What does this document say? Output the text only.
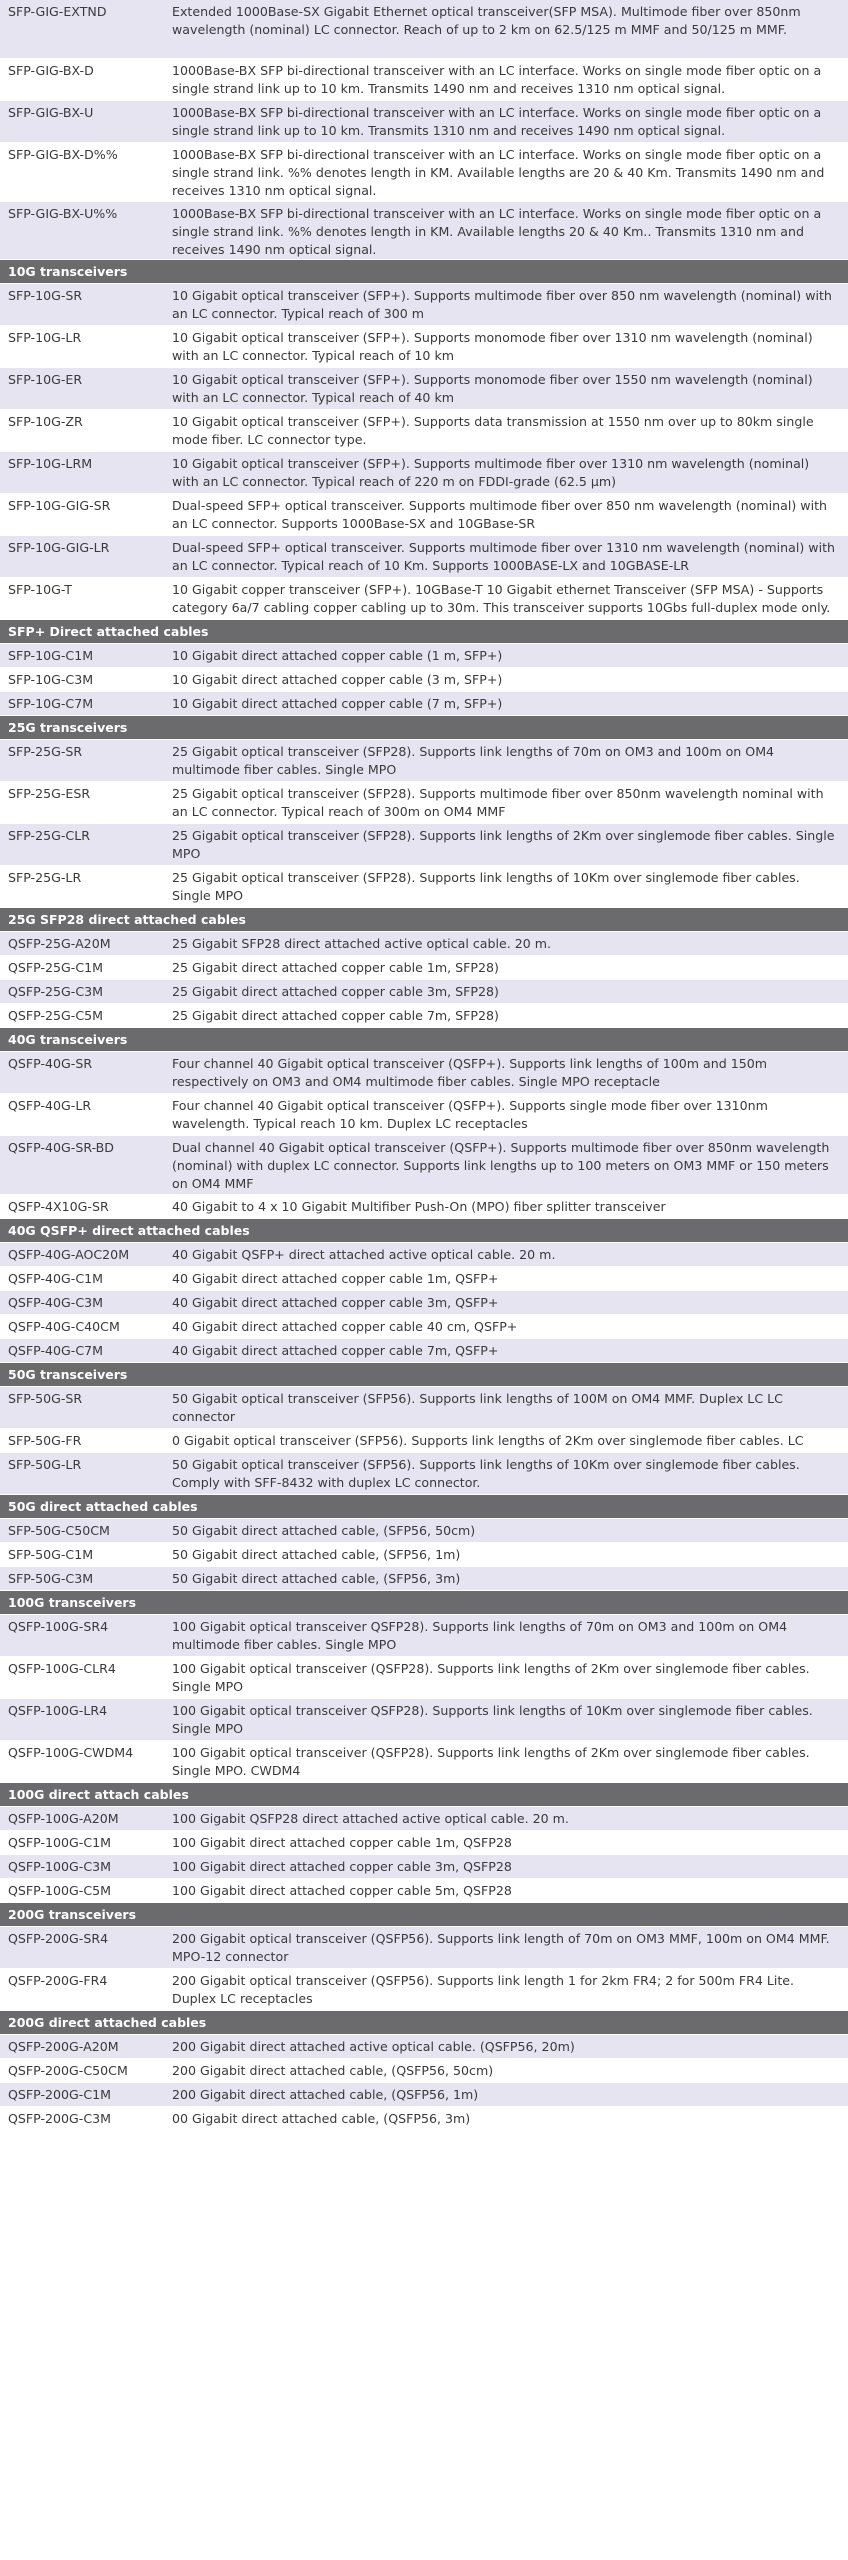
SFP-GIG-EXTND	Extended 1000Base-SX Gigabit Ethernet optical transceiver(SFP MSA). Multimode fiber over 850nm wavelength (nominal) LC connector. Reach of up to 2 km on 62.5/125 m MMF and 50/125 m MMF.
SFP-GIG-BX-D	1000Base-BX SFP bi-directional transceiver with an LC interface. Works on single mode fiber optic on a single strand link up to 10 km. Transmits 1490 nm and receives 1310 nm optical signal.
SFP-GIG-BX-U	1000Base-BX SFP bi-directional transceiver with an LC interface. Works on single mode fiber optic on a single strand link up to 10 km. Transmits 1310 nm and receives 1490 nm optical signal.
SFP-GIG-BX-D%%	1000Base-BX SFP bi-directional transceiver with an LC interface. Works on single mode fiber optic on a single strand link. %% denotes length in KM. Available lengths are 20 & 40 Km. Transmits 1490 nm and receives 1310 nm optical signal.
SFP-GIG-BX-U%%	1000Base-BX SFP bi-directional transceiver with an LC interface. Works on single mode fiber optic on a single strand link. %% denotes length in KM. Available lengths 20 & 40 Km.. Transmits 1310 nm and receives 1490 nm optical signal.
10G transceivers
SFP-10G-SR	10 Gigabit optical transceiver (SFP+). Supports multimode fiber over 850 nm wavelength (nominal) with an LC connector. Typical reach of 300 m
SFP-10G-LR	10 Gigabit optical transceiver (SFP+). Supports monomode fiber over 1310 nm wavelength (nominal) with an LC connector. Typical reach of 10 km
SFP-10G-ER	10 Gigabit optical transceiver (SFP+). Supports monomode fiber over 1550 nm wavelength (nominal) with an LC connector. Typical reach of 40 km
SFP-10G-ZR	10 Gigabit optical transceiver (SFP+). Supports data transmission at 1550 nm over up to 80km single mode fiber. LC connector type.
SFP-10G-LRM	10 Gigabit optical transceiver (SFP+). Supports multimode fiber over 1310 nm wavelength (nominal) with an LC connector. Typical reach of 220 m on FDDI-grade (62.5 µm)
SFP-10G-GIG-SR	Dual-speed SFP+ optical transceiver. Supports multimode fiber over 850 nm wavelength (nominal) with an LC connector. Supports 1000Base-SX and 10GBase-SR
SFP-10G-GIG-LR	Dual-speed SFP+ optical transceiver. Supports multimode fiber over 1310 nm wavelength (nominal) with an LC connector. Typical reach of 10 Km. Supports 1000BASE-LX and 10GBASE-LR
SFP-10G-T	10 Gigabit copper transceiver (SFP+). 10GBase-T 10 Gigabit ethernet Transceiver (SFP MSA) - Supports category 6a/7 cabling copper cabling up to 30m. This transceiver supports 10Gbs full-duplex mode only.
SFP+ Direct attached cables
SFP-10G-C1M	10 Gigabit direct attached copper cable (1 m, SFP+)
SFP-10G-C3M	10 Gigabit direct attached copper cable (3 m, SFP+)
SFP-10G-C7M	10 Gigabit direct attached copper cable (7 m, SFP+)
25G transceivers
SFP-25G-SR	25 Gigabit optical transceiver (SFP28). Supports link lengths of 70m on OM3 and 100m on OM4 multimode fiber cables. Single MPO
SFP-25G-ESR	25 Gigabit optical transceiver (SFP28). Supports multimode fiber over 850nm wavelength nominal with an LC connector. Typical reach of 300m on OM4 MMF
SFP-25G-CLR	25 Gigabit optical transceiver (SFP28). Supports link lengths of 2Km over singlemode fiber cables. Single MPO
SFP-25G-LR	25 Gigabit optical transceiver (SFP28). Supports link lengths of 10Km over singlemode fiber cables. Single MPO
25G SFP28 direct attached cables
QSFP-25G-A20M	25 Gigabit SFP28 direct attached active optical cable. 20 m.
QSFP-25G-C1M	25 Gigabit direct attached copper cable 1m, SFP28)
QSFP-25G-C3M	25 Gigabit direct attached copper cable 3m, SFP28)
QSFP-25G-C5M	25 Gigabit direct attached copper cable 7m, SFP28)
40G transceivers
QSFP-40G-SR	Four channel 40 Gigabit optical transceiver (QSFP+). Supports link lengths of 100m and 150m respectively on OM3 and OM4 multimode fiber cables. Single MPO receptacle
QSFP-40G-LR	Four channel 40 Gigabit optical transceiver (QSFP+). Supports single mode fiber over 1310nm wavelength. Typical reach 10 km. Duplex LC receptacles
QSFP-40G-SR-BD	Dual channel 40 Gigabit optical transceiver (QSFP+). Supports multimode fiber over 850nm wavelength (nominal) with duplex LC connector. Supports link lengths up to 100 meters on OM3 MMF or 150 meters on OM4 MMF
QSFP-4X10G-SR	40 Gigabit to 4 x 10 Gigabit Multifiber Push-On (MPO) fiber splitter transceiver
40G QSFP+ direct attached cables
QSFP-40G-AOC20M	40 Gigabit QSFP+ direct attached active optical cable. 20 m.
QSFP-40G-C1M	40 Gigabit direct attached copper cable 1m, QSFP+
QSFP-40G-C3M	40 Gigabit direct attached copper cable 3m, QSFP+
QSFP-40G-C40CM	40 Gigabit direct attached copper cable 40 cm, QSFP+
QSFP-40G-C7M	40 Gigabit direct attached copper cable 7m, QSFP+
50G transceivers
SFP-50G-SR	50 Gigabit optical transceiver (SFP56). Supports link lengths of 100M on OM4 MMF. Duplex LC LC connector
SFP-50G-FR	0 Gigabit optical transceiver (SFP56). Supports link lengths of 2Km over singlemode fiber cables. LC
SFP-50G-LR	50 Gigabit optical transceiver (SFP56). Supports link lengths of 10Km over singlemode fiber cables. Comply with SFF-8432 with duplex LC connector.
50G direct attached cables
SFP-50G-C50CM	50 Gigabit direct attached cable, (SFP56, 50cm)
SFP-50G-C1M	50 Gigabit direct attached cable, (SFP56, 1m)
SFP-50G-C3M	50 Gigabit direct attached cable, (SFP56, 3m)
100G transceivers
QSFP-100G-SR4	100 Gigabit optical transceiver QSFP28). Supports link lengths of 70m on OM3 and 100m on OM4 multimode fiber cables. Single MPO
QSFP-100G-CLR4	100 Gigabit optical transceiver (QSFP28). Supports link lengths of 2Km over singlemode fiber cables. Single MPO
QSFP-100G-LR4	100 Gigabit optical transceiver QSFP28). Supports link lengths of 10Km over singlemode fiber cables. Single MPO
QSFP-100G-CWDM4	100 Gigabit optical transceiver (QSFP28). Supports link lengths of 2Km over singlemode fiber cables. Single MPO. CWDM4
100G direct attach cables
QSFP-100G-A20M	100 Gigabit QSFP28 direct attached active optical cable. 20 m.
QSFP-100G-C1M	100 Gigabit direct attached copper cable 1m, QSFP28
QSFP-100G-C3M	100 Gigabit direct attached copper cable 3m, QSFP28
QSFP-100G-C5M	100 Gigabit direct attached copper cable 5m, QSFP28
200G transceivers
QSFP-200G-SR4	200 Gigabit optical transceiver (QSFP56). Supports link length of 70m on OM3 MMF, 100m on OM4 MMF. MPO-12 connector
QSFP-200G-FR4	200 Gigabit optical transceiver (QSFP56). Supports link length 1 for 2km FR4; 2 for 500m FR4 Lite. Duplex LC receptacles
200G direct attached cables
QSFP-200G-A20M	200 Gigabit direct attached active optical cable. (QSFP56, 20m)
QSFP-200G-C50CM	200 Gigabit direct attached cable, (QSFP56, 50cm)
QSFP-200G-C1M	200 Gigabit direct attached cable, (QSFP56, 1m)
QSFP-200G-C3M	00 Gigabit direct attached cable, (QSFP56, 3m)
